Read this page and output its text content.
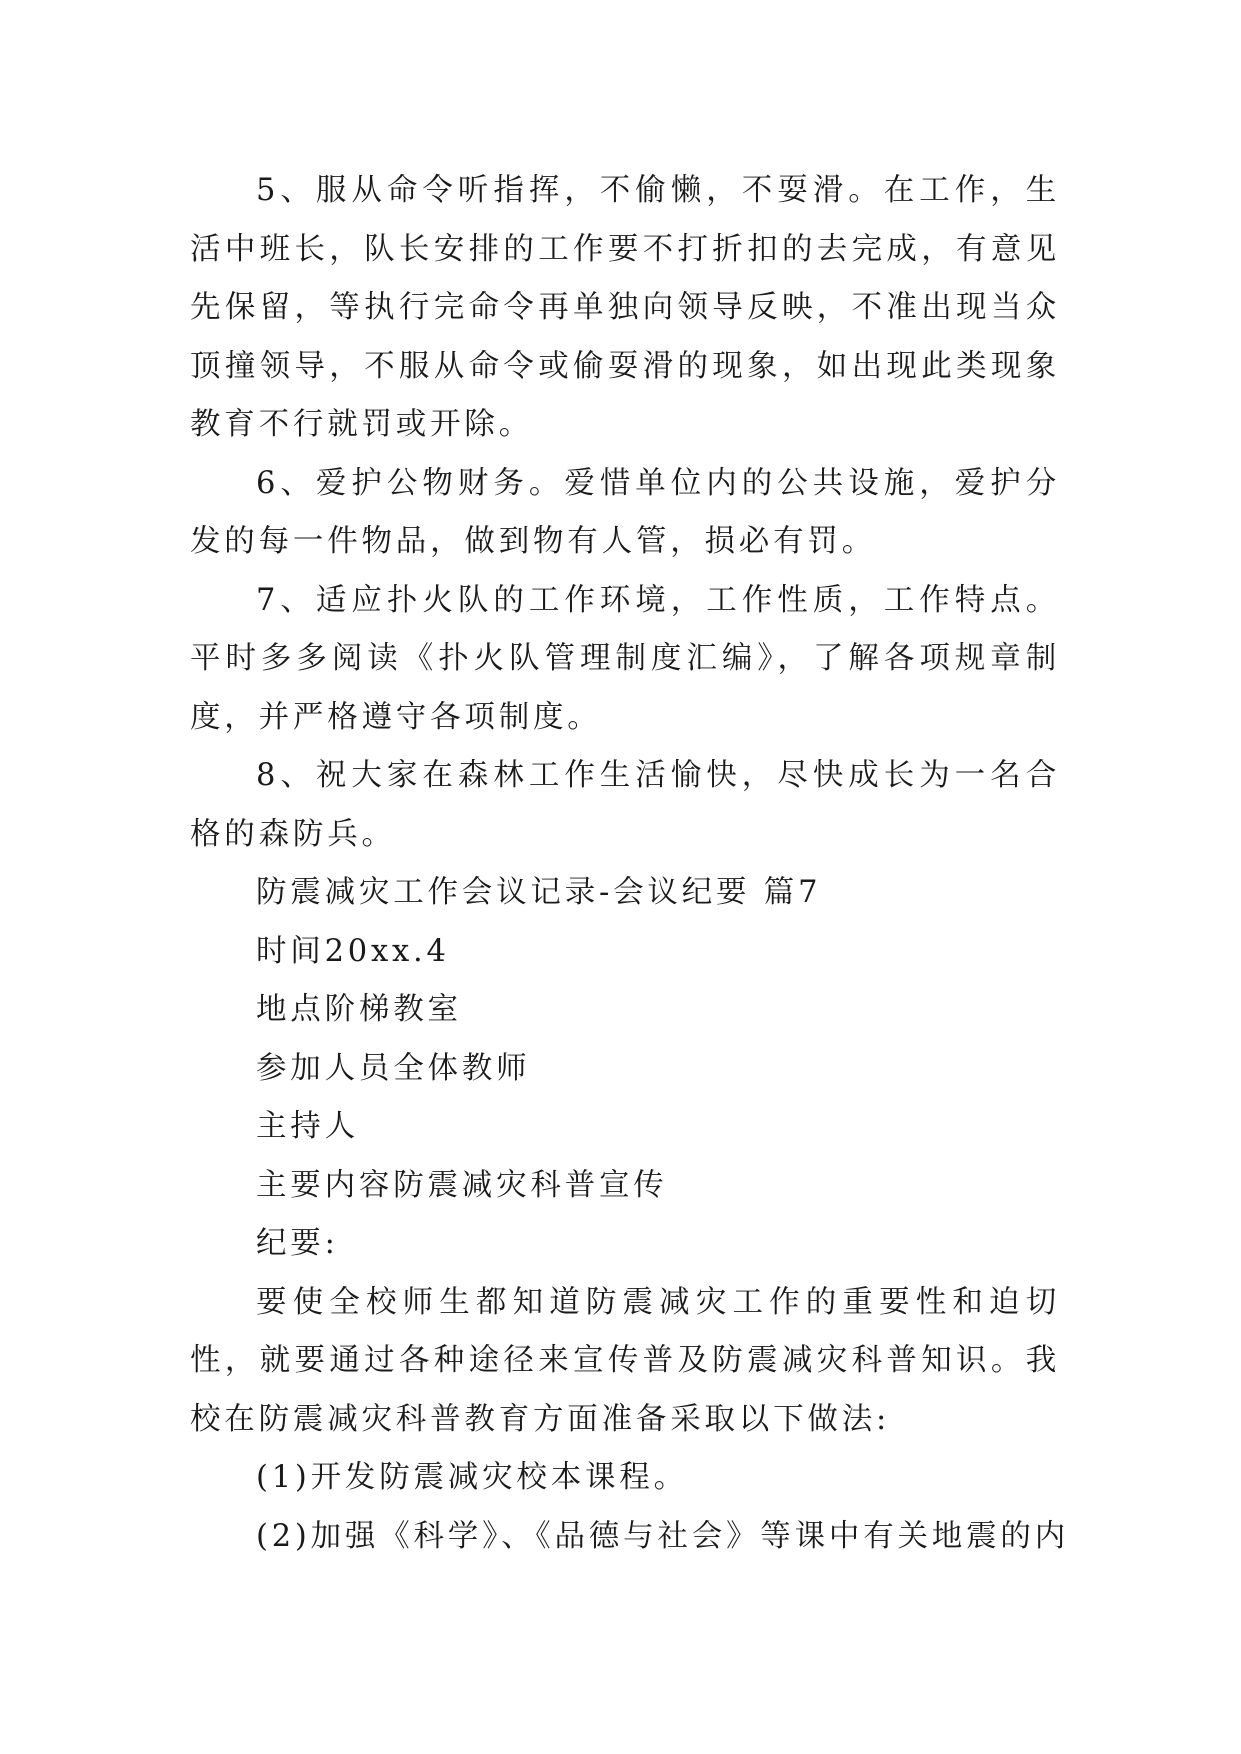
5、服从命令听指挥，不偷懒，不耍滑。在工作，生活中班长，队长安排的工作要不打折扣的去完成，有意见先保留，等执行完命令再单独向领导反映，不准出现当众顶撞领导，不服从命令或偷耍滑的现象，如出现此类现象教育不行就罚或开除。

6、爱护公物财务。爱惜单位内的公共设施，爱护分发的每一件物品，做到物有人管，损必有罚。

7、适应扑火队的工作环境，工作性质，工作特点。平时多多阅读《扑火队管理制度汇编》，了解各项规章制度，并严格遵守各项制度。

8、祝大家在森林工作生活愉快，尽快成长为一名合格的森防兵。

防震减灾工作会议记录-会议纪要 篇7

时间20xx.4

地点阶梯教室

参加人员全体教师

主持人

主要内容防震减灾科普宣传

纪要:

要使全校师生都知道防震减灾工作的重要性和迫切性，就要通过各种途径来宣传普及防震减灾科普知识。我校在防震减灾科普教育方面准备采取以下做法:

(1)开发防震减灾校本课程。

(2)加强《科学》、《品德与社会》等课中有关地震的内
